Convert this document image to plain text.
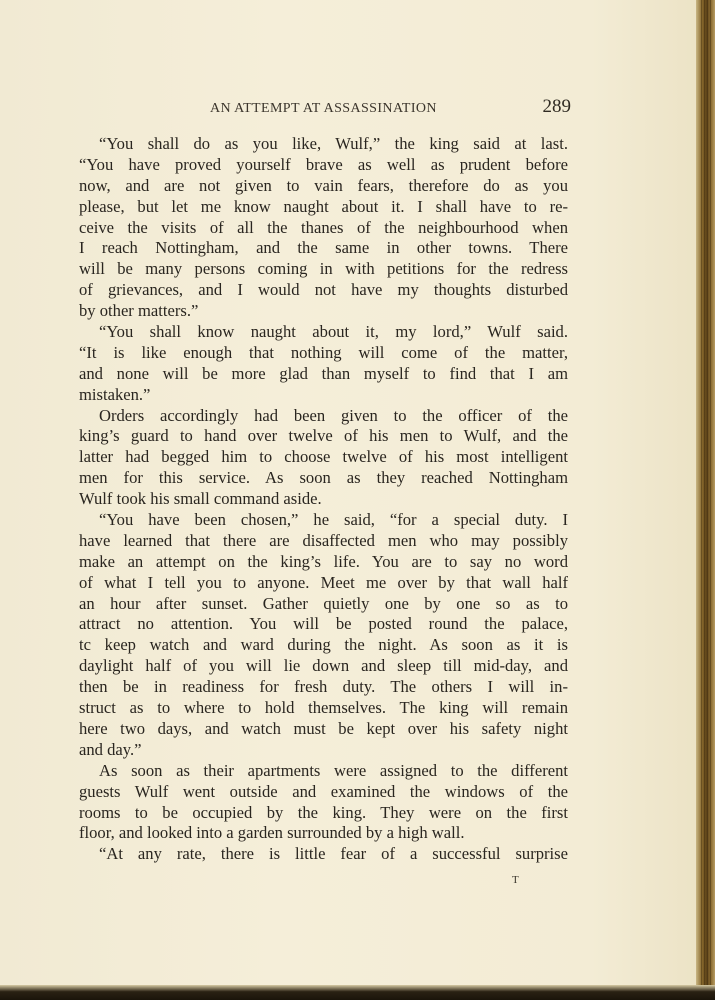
AN ATTEMPT AT ASSASSINATION	289
“You shall do as you like, Wulf,” the king said at last.
“You have proved yourself brave as well as prudent before
now, and are not given to vain fears, therefore do as you
please, but let me know naught about it. I shall have to re-
ceive the visits of all the thanes of the neighbourhood when
I reach Nottingham, and the same in other towns. There
will be many persons coming in with petitions for the redress
of grievances, and I would not have my thoughts disturbed
by other matters.”
“You shall know naught about it, my lord,” Wulf said.
“It is like enough that nothing will come of the matter,
and none will be more glad than myself to find that I am
mistaken.”
Orders accordingly had been given to the officer of the
king’s guard to hand over twelve of his men to Wulf, and the
latter had begged him to choose twelve of his most intelligent
men for this service. As soon as they reached Nottingham
Wulf took his small command aside.
“You have been chosen,” he said, “for a special duty. I
have learned that there are disaffected men who may possibly
make an attempt on the king’s life. You are to say no word
of what I tell you to anyone. Meet me over by that wall half
an hour after sunset. Gather quietly one by one so as to
attract no attention. You will be posted round the palace,
tc keep watch and ward during the night. As soon as it is
daylight half of you will lie down and sleep till mid-day, and
then be in readiness for fresh duty. The others I will in-
struct as to where to hold themselves. The king will remain
here two days, and watch must be kept over his safety night
and day.”
As soon as their apartments were assigned to the different
guests Wulf went outside and examined the windows of the
rooms to be occupied by the king. They were on the first
floor, and looked into a garden surrounded by a high wall.
“At any rate, there is little fear of a successful surprise
T
